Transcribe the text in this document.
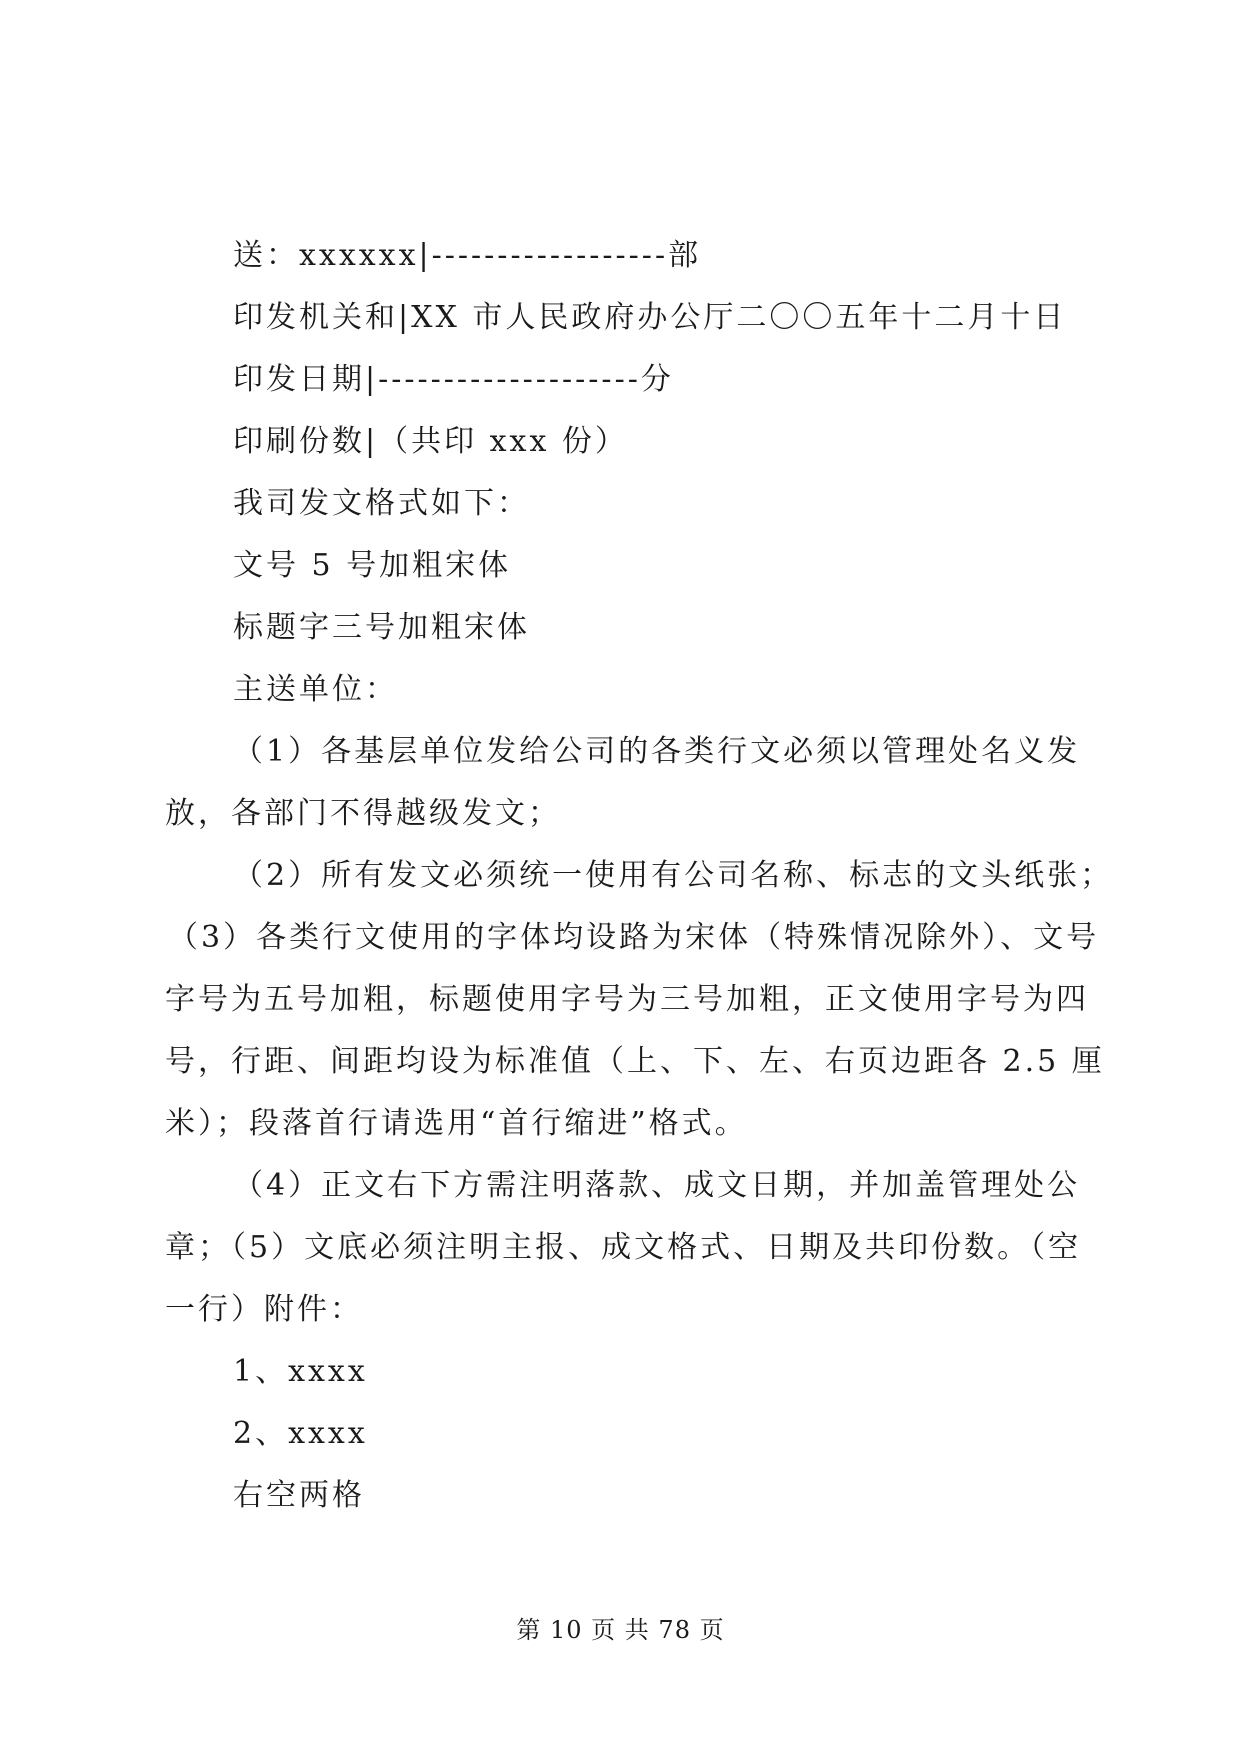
送：xxxxxx|------------------部
印发机关和|XX 市人民政府办公厅二〇〇五年十二月十日
印发日期|--------------------分
印刷份数|（共印 xxx 份）
我司发文格式如下：
文号 5 号加粗宋体
标题字三号加粗宋体
主送单位：
（1）各基层单位发给公司的各类行文必须以管理处名义发
放，各部门不得越级发文；
（2）所有发文必须统一使用有公司名称、标志的文头纸张；
（3）各类行文使用的字体均设路为宋体（特殊情况除外）、文号
字号为五号加粗，标题使用字号为三号加粗，正文使用字号为四
号，行距、间距均设为标准值（上、下、左、右页边距各 2.5 厘
米）；段落首行请选用“首行缩进”格式。
（4）正文右下方需注明落款、成文日期，并加盖管理处公
章；（5）文底必须注明主报、成文格式、日期及共印份数。（空
一行）附件：
1、xxxx
2、xxxx
右空两格
第 10 页 共 78 页
